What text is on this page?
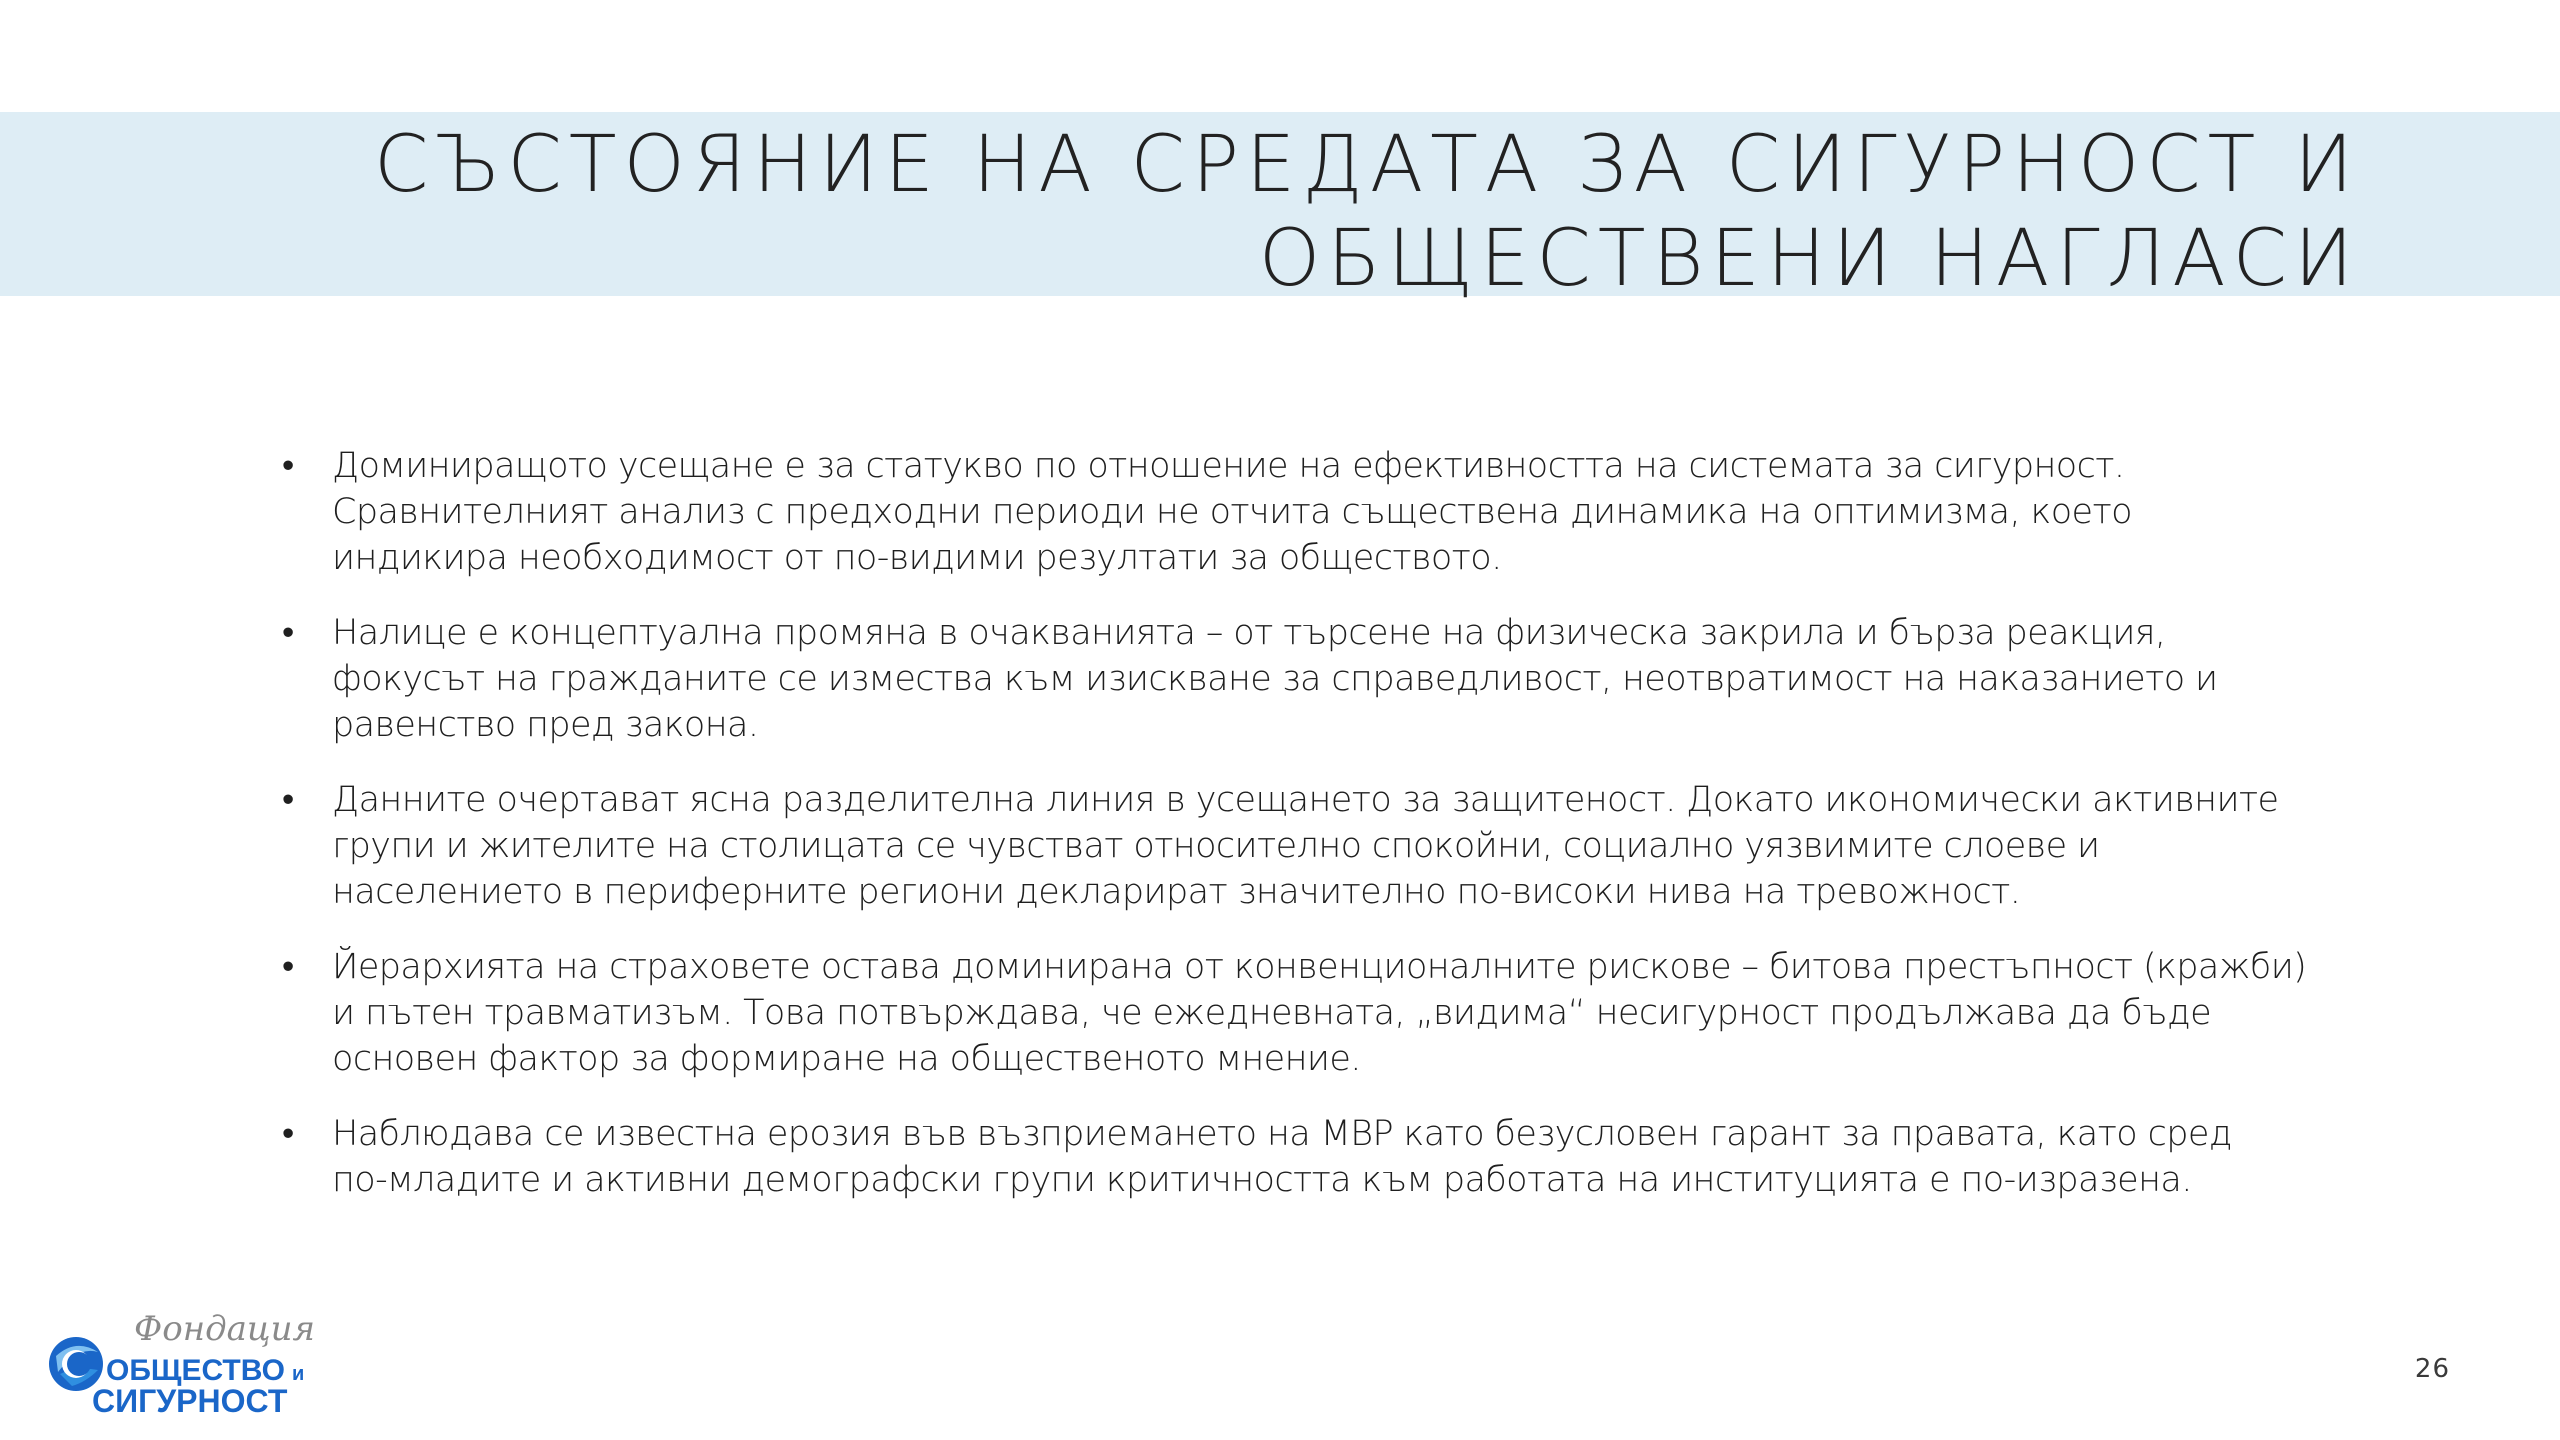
СЪСТОЯНИЕ НА СРЕДАТА ЗА СИГУРНОСТ И
ОБЩЕСТВЕНИ НАГЛАСИ
•	Доминиращото усещане е за статукво по отношение на ефективността на системата за сигурност.
Сравнителният анализ с предходни периоди не отчита съществена динамика на оптимизма, което
индикира необходимост от по-видими резултати за обществото.
•	Налице е концептуална промяна в очакванията – от търсене на физическа закрила и бърза реакция,
фокусът на гражданите се измества към изискване за справедливост, неотвратимост на наказанието и
равенство пред закона.
•	Данните очертават ясна разделителна линия в усещането за защитеност. Докато икономически активните
групи и жителите на столицата се чувстват относително спокойни, социално уязвимите слоеве и
населението в периферните региони декларират значително по-високи нива на тревожност.
•	Йерархията на страховете остава доминирана от конвенционалните рискове – битова престъпност (кражби)
и пътен травматизъм. Това потвърждава, че ежедневната, „видима“ несигурност продължава да бъде
основен фактор за формиране на общественото мнение.
•	Наблюдава се известна ерозия във възприемането на МВР като безусловен гарант за правата, като сред
по-младите и активни демографски групи критичността към работата на институцията е по-изразена.
Фондация
ОБЩЕСТВО и
СИГУРНОСТ
26
